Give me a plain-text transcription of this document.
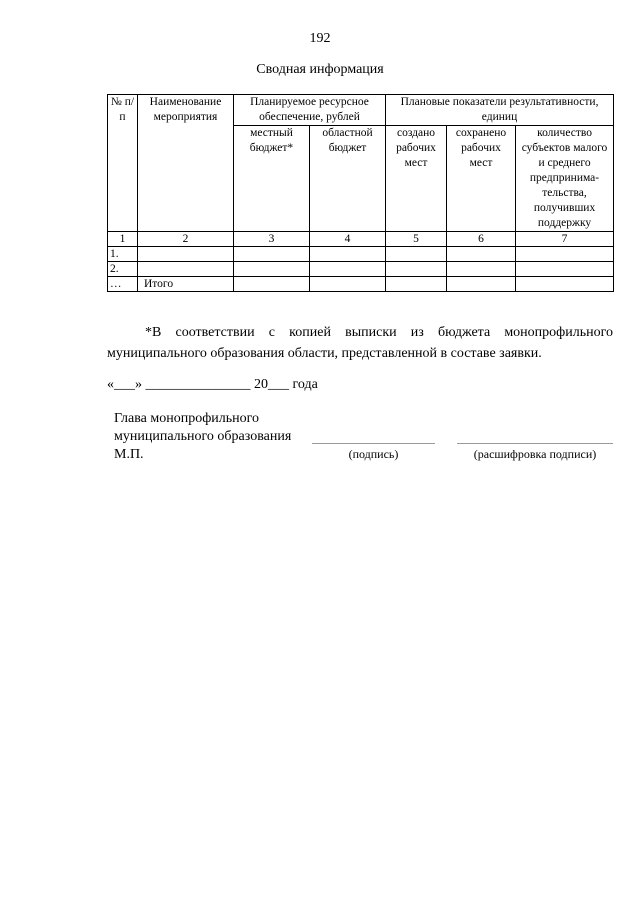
192
Сводная информация
№ п/п	Наименование мероприятия	Планируемое ресурсное обеспечение, рублей		Плановые показатели результативности, единиц		
		местный бюджет*	областной бюджет	создано рабочих мест	сохранено рабочих мест	количество субъектов малого и среднего предпринима-тельства, получивших поддержку
1	2	3	4	5	6	7
1.						
2.						
…	Итого					
*В соответствии с копией выписки из бюджета монопрофильного муниципального образования области, представленной в составе заявки.
«___» _______________ 20___ года
Глава монопрофильного
муниципального образования
М.П.	(подпись)	(расшифровка подписи)
